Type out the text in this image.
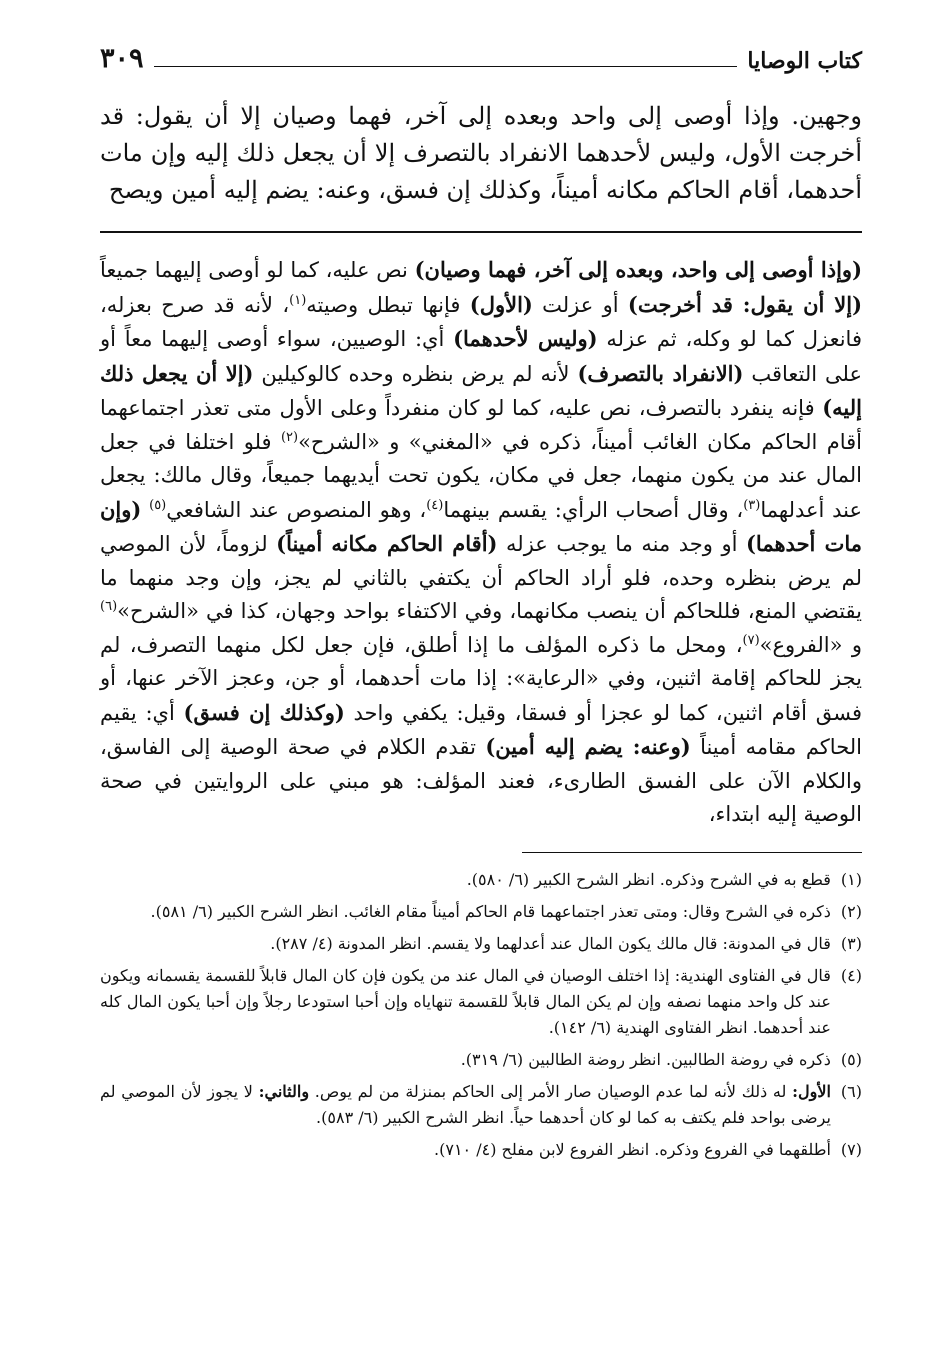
كتاب الوصايا
٣٠٩
وجهين. وإذا أوصى إلى واحد وبعده إلى آخر، فهما وصيان إلا أن يقول: قد أخرجت الأول، وليس لأحدهما الانفراد بالتصرف إلا أن يجعل ذلك إليه وإن مات أحدهما، أقام الحاكم مكانه أميناً، وكذلك إن فسق، وعنه: يضم إليه أمين ويصح
(وإذا أوصى إلى واحد، وبعده إلى آخر، فهما وصيان) نص عليه، كما لو أوصى إليهما جميعاً (إلا أن يقول: قد أخرجت) أو عزلت (الأول) فإنها تبطل وصيته$^{(١)}$، لأنه قد صرح بعزله، فانعزل كما لو وكله، ثم عزله (وليس لأحدهما) أي: الوصيين، سواء أوصى إليهما معاً أو على التعاقب (الانفراد بالتصرف) لأنه لم يرض بنظره وحده كالوكيلين (إلا أن يجعل ذلك إليه) فإنه ينفرد بالتصرف، نص عليه، كما لو كان منفرداً وعلى الأول متى تعذر اجتماعهما أقام الحاكم مكان الغائب أميناً، ذكره في «المغني» و «الشرح»$^{(٢)}$ فلو اختلفا في جعل المال عند من يكون منهما، جعل في مكان، يكون تحت أيديهما جميعاً، وقال مالك: يجعل عند أعدلهما$^{(٣)}$، وقال أصحاب الرأي: يقسم بينهما$^{(٤)}$، وهو المنصوص عند الشافعي$^{(٥)}$ (وإن مات أحدهما) أو وجد منه ما يوجب عزله (أقام الحاكم مكانه أميناً) لزوماً، لأن الموصي لم يرض بنظره وحده، فلو أراد الحاكم أن يكتفي بالثاني لم يجز، وإن وجد منهما ما يقتضي المنع، فللحاكم أن ينصب مكانهما، وفي الاكتفاء بواحد وجهان، كذا في «الشرح»$^{(٦)}$ و «الفروع»$^{(٧)}$، ومحل ما ذكره المؤلف ما إذا أطلق، فإن جعل لكل منهما التصرف، لم يجز للحاكم إقامة اثنين، وفي «الرعاية»: إذا مات أحدهما، أو جن، وعجز الآخر عنها، أو فسق أقام اثنين، كما لو عجزا أو فسقا، وقيل: يكفي واحد (وكذلك إن فسق) أي: يقيم الحاكم مقامه أميناً (وعنه: يضم إليه أمين) تقدم الكلام في صحة الوصية إلى الفاسق، والكلام الآن على الفسق الطارىء، فعند المؤلف: هو مبني على الروايتين في صحة الوصية إليه ابتداء،
(١)
قطع به في الشرح وذكره. انظر الشرح الكبير (٦/ ٥٨٠).
(٢)
ذكره في الشرح وقال: ومتى تعذر اجتماعهما قام الحاكم أميناً مقام الغائب. انظر الشرح الكبير (٦/ ٥٨١).
(٣)
قال في المدونة: قال مالك يكون المال عند أعدلهما ولا يقسم. انظر المدونة (٤/ ٢٨٧).
(٤)
قال في الفتاوى الهندية: إذا اختلف الوصيان في المال عند من يكون فإن كان المال قابلاً للقسمة يقسمانه ويكون عند كل واحد منهما نصفه وإن لم يكن المال قابلاً للقسمة تنهاياه وإن أحبا استودعا رجلاً وإن أحبا يكون المال كله عند أحدهما. انظر الفتاوى الهندية (٦/ ١٤٢).
(٥)
ذكره في روضة الطالبين. انظر روضة الطالبين (٦/ ٣١٩).
(٦)
الأول: له ذلك لأنه لما عدم الوصيان صار الأمر إلى الحاكم بمنزلة من لم يوص. والثاني: لا يجوز لأن الموصي لم يرضى بواحد فلم يكتف به كما لو كان أحدهما حياً. انظر الشرح الكبير (٦/ ٥٨٣).
(٧)
أطلقهما في الفروع وذكره. انظر الفروع لابن مفلح (٤/ ٧١٠).
